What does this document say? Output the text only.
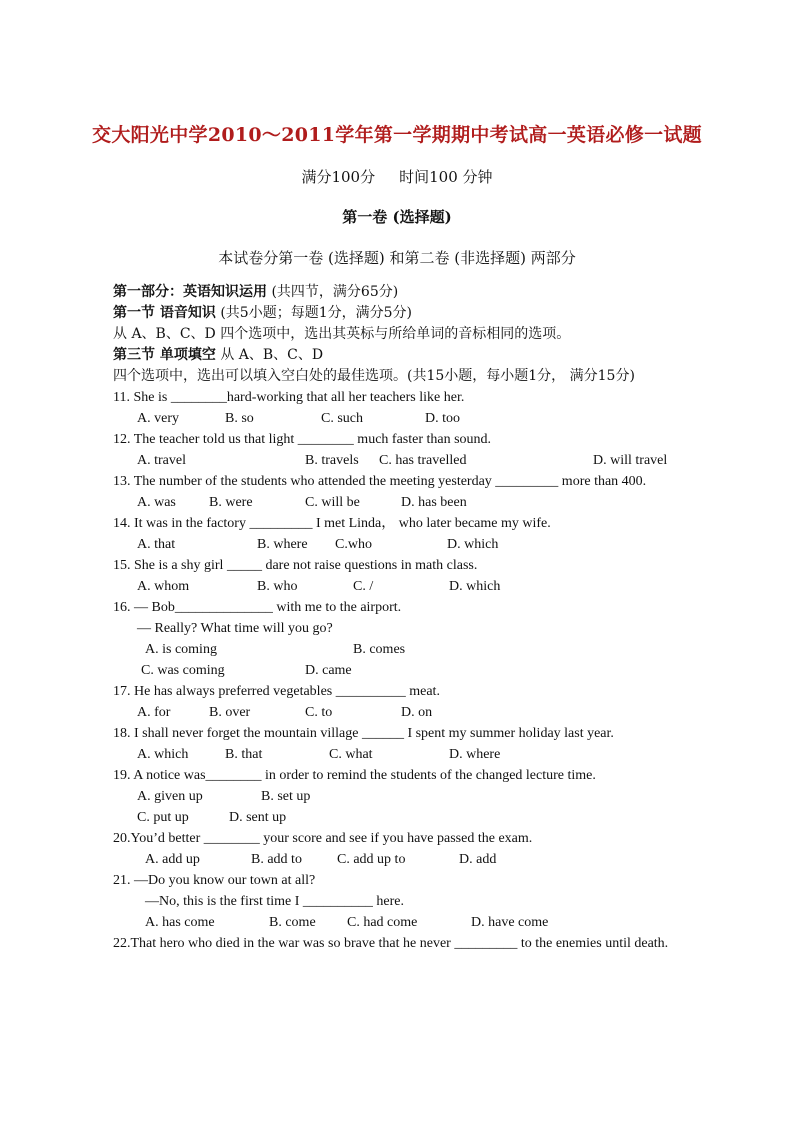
交大阳光中学2010～2011学年第一学期期中考试高一英语必修一试题
满分100分 时间100 分钟
第一卷 (选择题)
本试卷分第一卷 (选择题) 和第二卷 (非选择题) 两部分
第一部分：英语知识运用 (共四节，满分65分)
第一节 语音知识 (共5小题；每题1分，满分5分)
从 A、B、C、D 四个选项中，选出其英标与所给单词的音标相同的选项。
第三节 单项填空 从 A、B、C、D
四个选项中，选出可以填入空白处的最佳选项。(共15小题，每小题1分， 满分15分)
11. She is ________hard-working that all her teachers like her.
A. very	B. so	C. such	D. too
12. The teacher told us that light ________ much faster than sound.
A. travel	B. travels	C. has travelled	D. will travel
13. The number of the students who attended the meeting yesterday _________ more than 400.
A. was	B. were	C. will be	D. has been
14. It was in the factory _________ I met Linda， who later became my wife.
A. that	B. where	C.who	D. which
15. She is a shy girl _____ dare not raise questions in math class.
A. whom	B. who	C. /	D. which
16. — Bob______________ with me to the airport.
— Really? What time will you go?
A. is coming	B. comes
C. was coming	D. came
17. He has always preferred vegetables __________ meat.
A. for	B. over	C. to	D. on
18. I shall never forget the mountain village ______ I spent my summer holiday last year.
A. which	B. that	C. what	D. where
19. A notice was________ in order to remind the students of the changed lecture time.
A. given up	B. set up
C. put up	D. sent up
20.You’d better ________ your score and see if you have passed the exam.
A. add up	B. add to	C. add up to	D. add
21. —Do you know our town at all?
—No, this is the first time I __________ here.
A. has come	B. come	C. had come	D. have come
22.That hero who died in the war was so brave that he never _________ to the enemies until death.
